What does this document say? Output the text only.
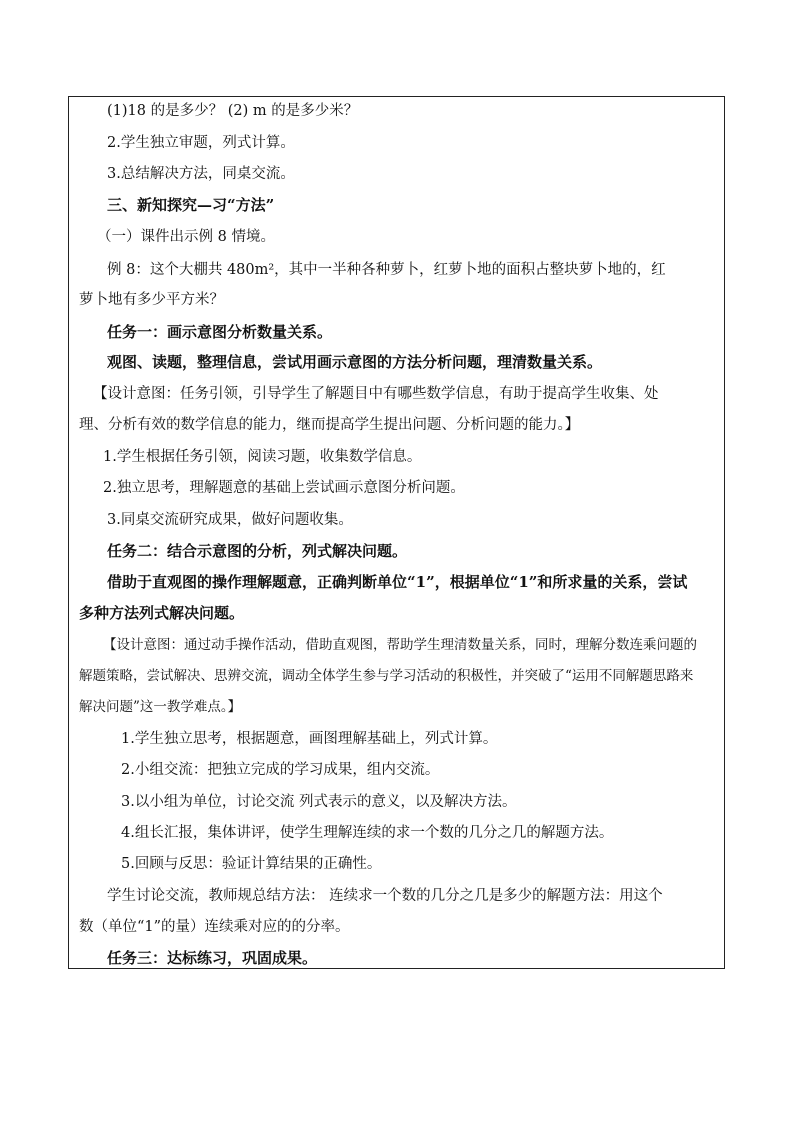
(1)18 的是多少？ (2) m 的是多少米？
2.学生独立审题，列式计算。
3.总结解决方法，同桌交流。
三、新知探究—习“方法”
（一）课件出示例 8 情境。
例 8：这个大棚共 480m²，其中一半种各种萝卜，红萝卜地的面积占整块萝卜地的，红
萝卜地有多少平方米？
任务一：画示意图分析数量关系。
观图、读题，整理信息，尝试用画示意图的方法分析问题，理清数量关系。
【设计意图：任务引领，引导学生了解题目中有哪些数学信息，有助于提高学生收集、处
理、分析有效的数学信息的能力，继而提高学生提出问题、分析问题的能力。】
1.学生根据任务引领，阅读习题，收集数学信息。
2.独立思考，理解题意的基础上尝试画示意图分析问题。
3.同桌交流研究成果，做好问题收集。
任务二：结合示意图的分析，列式解决问题。
借助于直观图的操作理解题意，正确判断单位“1”，根据单位“1”和所求量的关系，尝试
多种方法列式解决问题。
【设计意图：通过动手操作活动，借助直观图，帮助学生理清数量关系，同时，理解分数连乘问题的
解题策略，尝试解决、思辨交流，调动全体学生参与学习活动的积极性，并突破了“运用不同解题思路来
解决问题”这一教学难点。】
1.学生独立思考，根据题意，画图理解基础上，列式计算。
2.小组交流：把独立完成的学习成果，组内交流。
3.以小组为单位，讨论交流 列式表示的意义，以及解决方法。
4.组长汇报，集体讲评，使学生理解连续的求一个数的几分之几的解题方法。
5.回顾与反思：验证计算结果的正确性。
学生讨论交流，教师规总结方法： 连续求一个数的几分之几是多少的解题方法：用这个
数（单位“1”的量）连续乘对应的的分率。
任务三：达标练习，巩固成果。
